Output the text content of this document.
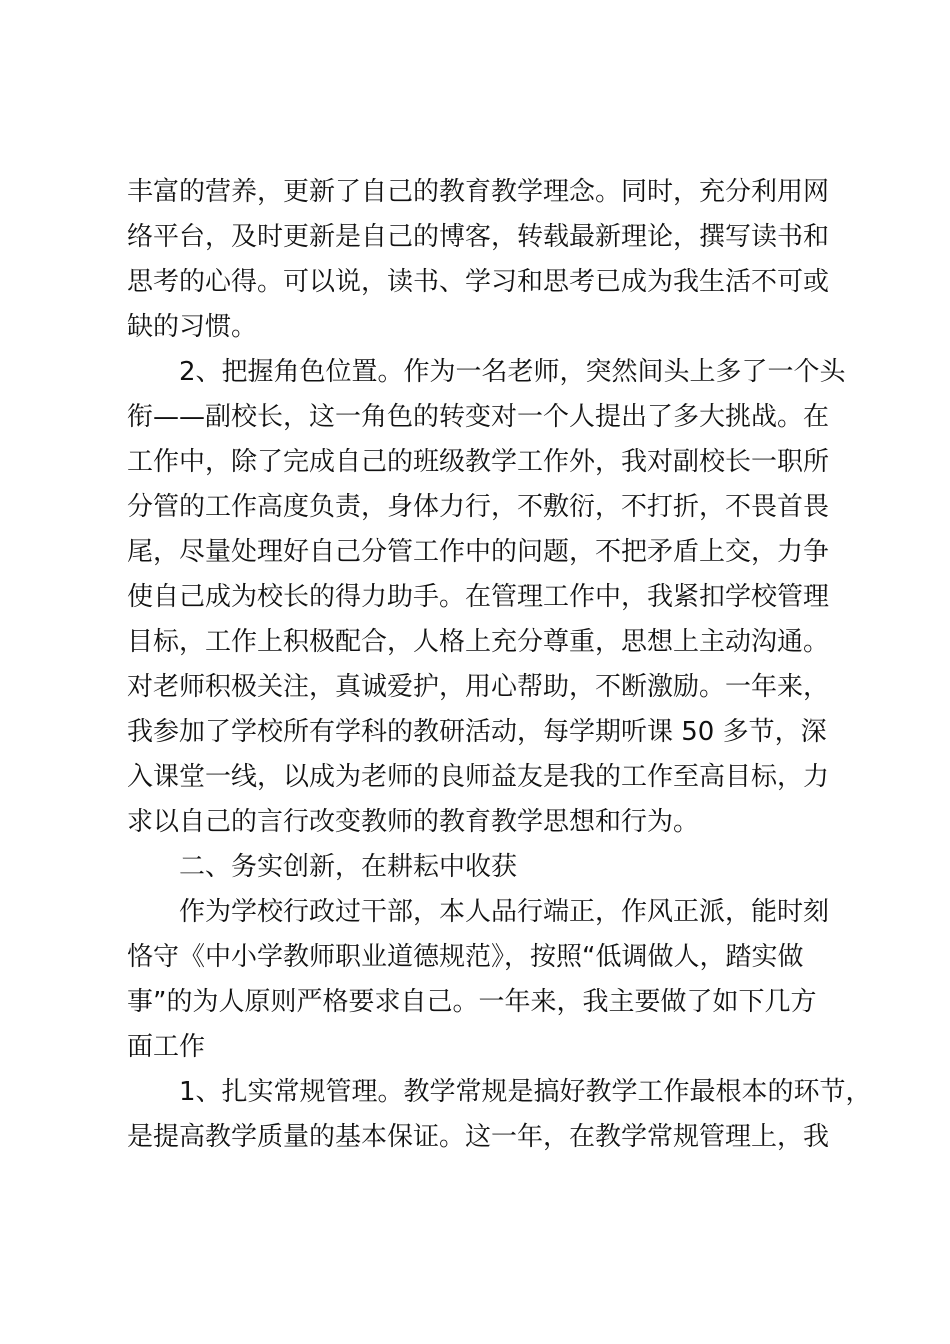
丰富的营养，更新了自己的教育教学理念。同时，充分利用网
络平台，及时更新是自己的博客，转载最新理论，撰写读书和
思考的心得。可以说，读书、学习和思考已成为我生活不可或
缺的习惯。
2、把握角色位置。作为一名老师，突然间头上多了一个头
衔——副校长，这一角色的转变对一个人提出了多大挑战。在
工作中，除了完成自己的班级教学工作外，我对副校长一职所
分管的工作高度负责，身体力行，不敷衍，不打折，不畏首畏
尾，尽量处理好自己分管工作中的问题，不把矛盾上交，力争
使自己成为校长的得力助手。在管理工作中，我紧扣学校管理
目标，工作上积极配合，人格上充分尊重，思想上主动沟通。
对老师积极关注，真诚爱护，用心帮助，不断激励。一年来，
我参加了学校所有学科的教研活动，每学期听课 50 多节，深
入课堂一线，以成为老师的良师益友是我的工作至高目标，力
求以自己的言行改变教师的教育教学思想和行为。
二、务实创新，在耕耘中收获
作为学校行政过干部，本人品行端正，作风正派，能时刻
恪守《中小学教师职业道德规范》，按照“低调做人，踏实做
事”的为人原则严格要求自己。一年来，我主要做了如下几方
面工作
1、扎实常规管理。教学常规是搞好教学工作最根本的环节，
是提高教学质量的基本保证。这一年，在教学常规管理上，我
